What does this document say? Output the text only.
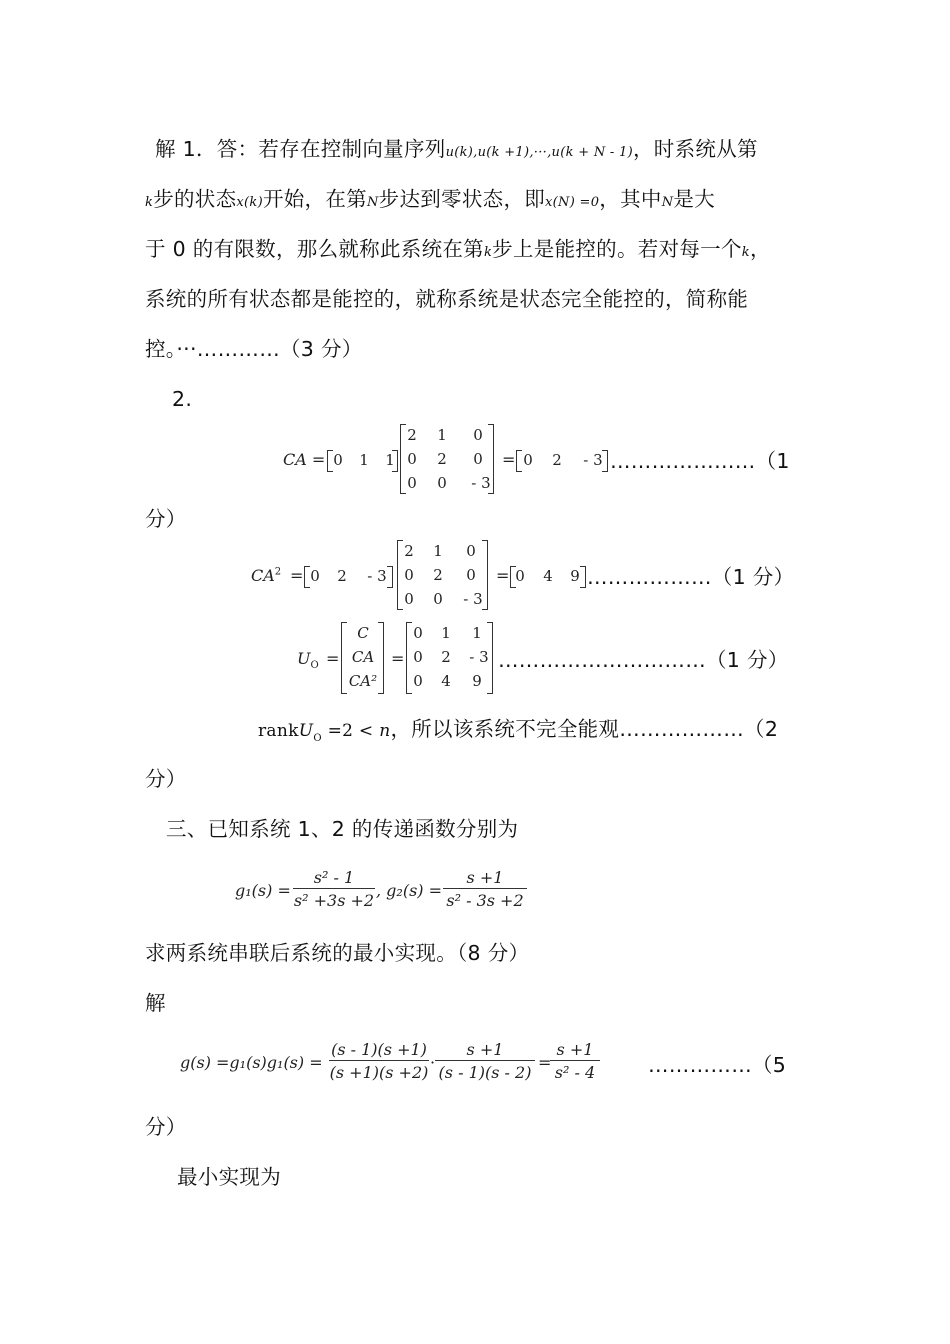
解 1．答：若存在控制向量序列u(k),u(k +1),···,u(k + N - 1)，时系统从第
k步的状态x(k)开始，在第N步达到零状态，即x(N) =0，其中N是大
于 0 的有限数，那么就称此系统在第k步上是能控的。若对每一个k，
系统的所有状态都是能控的，就称系统是状态完全能控的，简称能
控。···…………（3 分）
2.
CA = 0	1	1
2	1	0
0	2	0
0	0	- 3
= 0	2	- 3 …………………（1
分）
$CA^2 = 0$	2	- 3
2	1	0
0	2	0
0	0	- 3
= 0	4	9 ………………（1 分）
$U_O$ =
C
CA
CA²
=
0	1	1
0	2	- 3
0	4	9
…………………………（1 分）
rankU$_O$ =2 < n，所以该系统不完全能观………………（2
分）
三、已知系统 1、2 的传递函数分别为
$g_1(s) = \frac{\text{s² - 1}}{\text{s² +3s +2}}$ , $g_2(s) = \frac{s +1}{\text{s² - 3s +2}}$
求两系统串联后系统的最小实现。（8 分）
解
$g(s) =g_1(s)g_1(s) = \frac{(s - 1)(s +1)}{(s +1)(s +2)} \cdot \frac{s +1}{(s - 1)(s - 2)}$ =
$\frac{s +1}{\text{s² - 4}}$ ……………（5
分）
最小实现为
